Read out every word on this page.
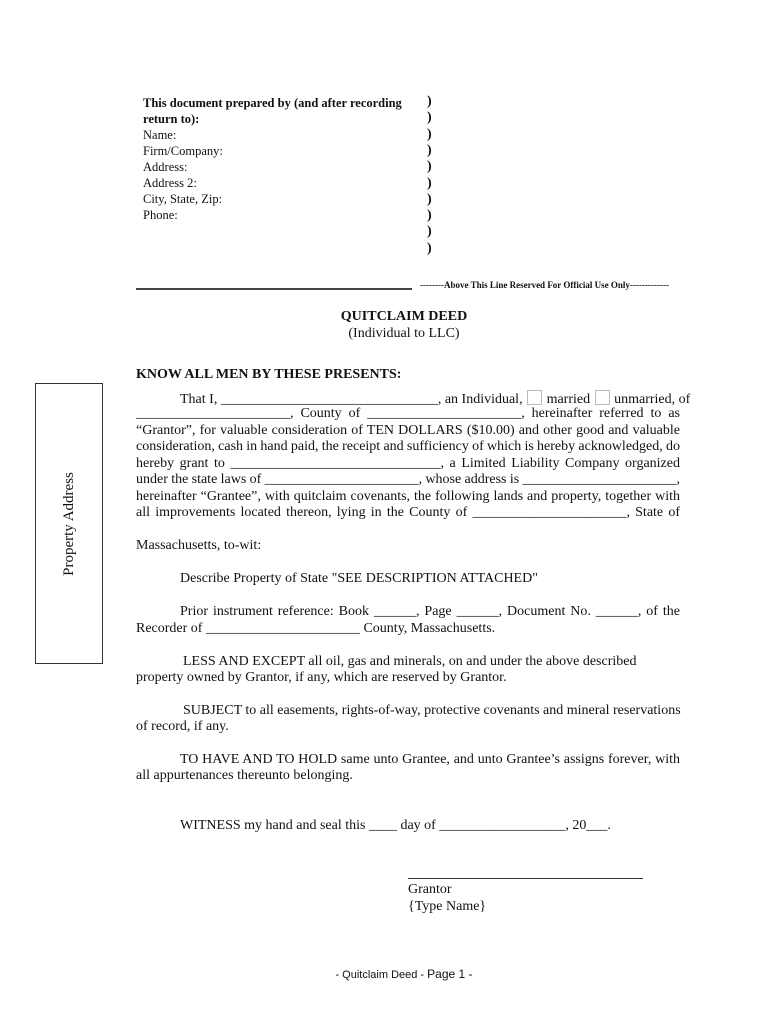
This document prepared by (and after recording
return to):
--------Above This Line Reserved For Official Use Only-------------
QUITCLAIM DEED
(Individual to LLC)
KNOW ALL MEN BY THESE PRESENTS:
Property Address
That I, _______________________________, an Individual, married unmarried, of
Massachusetts, to-wit:
Describe Property of State "SEE DESCRIPTION ATTACHED"
Prior instrument reference: Book ______, Page ______, Document No. ______, of the
Recorder of ______________________ County, Massachusetts.
LESS AND EXCEPT all oil, gas and minerals, on and under the above described
property owned by Grantor, if any, which are reserved by Grantor.
SUBJECT to all easements, rights-of-way, protective covenants and mineral reservations
of record, if any.
TO HAVE AND TO HOLD same unto Grantee, and unto Grantee’s assigns forever, with
all appurtenances thereunto belonging.
WITNESS my hand and seal this ____ day of __________________, 20___.
Grantor
{Type Name}
- Quitclaim Deed - Page 1 -
Name:
Firm/Company:
Address:
Address 2:
City, State, Zip:
Phone:
)
)
)
)
)
)
)
)
)
)
______________________, County of ______________________, hereinafter referred to as
“Grantor”, for valuable consideration of TEN DOLLARS ($10.00) and other good and valuable
consideration, cash in hand paid, the receipt and sufficiency of which is hereby acknowledged, do
hereby grant to ______________________________, a Limited Liability Company organized
under the state laws of ______________________, whose address is ______________________,
hereinafter “Grantee”, with quitclaim covenants, the following lands and property, together with
all improvements located thereon, lying in the County of ______________________, State of
